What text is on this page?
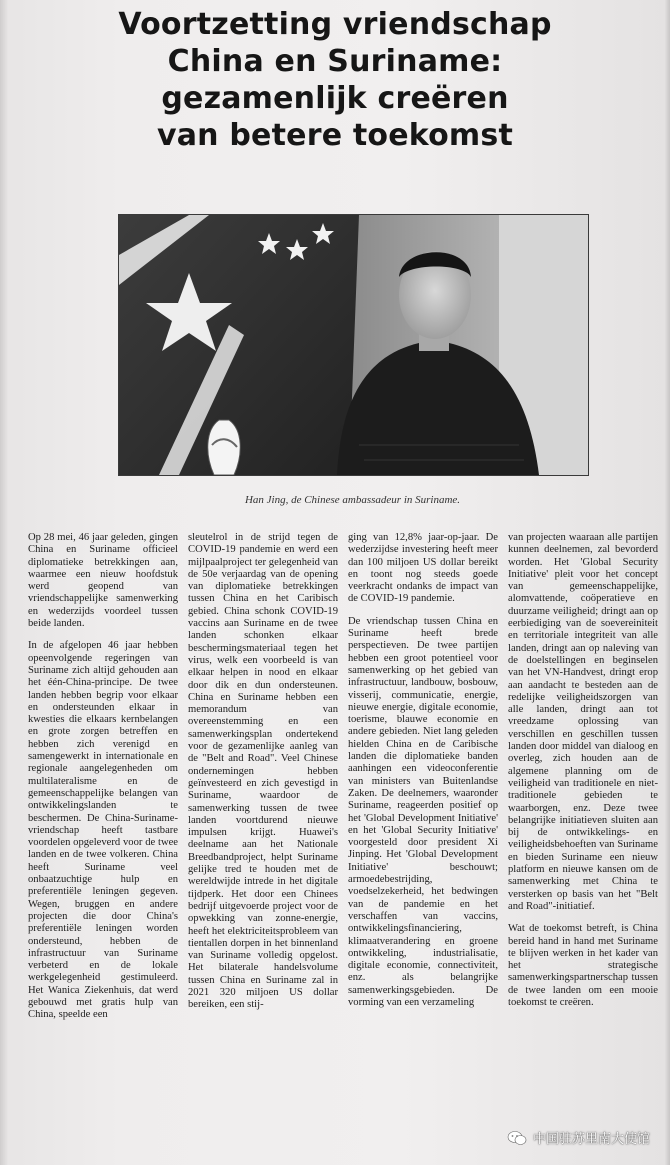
Voortzetting vriendschap
China en Suriname:
gezamenlijk creëren
van betere toekomst
Han Jing, de Chinese ambassadeur in Suriname.

Op 28 mei, 46 jaar geleden, gingen China en Suriname officieel diplomatieke betrekkingen aan, waarmee een nieuw hoofdstuk werd geopend van vriendschappelijke samenwerking en wederzijds voordeel tussen beide landen.

In de afgelopen 46 jaar hebben opeenvolgende regeringen van Suriname zich altijd gehouden aan het één-China-principe. De twee landen hebben begrip voor elkaar en ondersteunden elkaar in kwesties die elkaars kernbelangen en grote zorgen betreffen en hebben zich verenigd en samengewerkt in internationale en regionale aangelegenheden om multilateralisme en de gemeenschappelijke belangen van ontwikkelingslanden te beschermen. De China-Suriname-vriendschap heeft tastbare voordelen opgeleverd voor de twee landen en de twee volkeren. China heeft Suriname veel onbaatzuchtige hulp en preferentiële leningen gegeven. Wegen, bruggen en andere projecten die door China's preferentiële leningen worden ondersteund, hebben de infrastructuur van Suriname verbeterd en de lokale werkgelegenheid gestimuleerd. Het Wanica Ziekenhuis, dat werd gebouwd met gratis hulp van China, speelde een

sleutelrol in de strijd tegen de COVID-19 pandemie en werd een mijlpaalproject ter gelegenheid van de 50e verjaardag van de opening van diplomatieke betrekkingen tussen China en het Caribisch gebied. China schonk COVID-19 vaccins aan Suriname en de twee landen schonken elkaar beschermingsmateriaal tegen het virus, welk een voorbeeld is van elkaar helpen in nood en elkaar door dik en dun ondersteunen. China en Suriname hebben een memorandum van overeenstemming en een samenwerkingsplan ondertekend voor de gezamenlijke aanleg van de "Belt and Road". Veel Chinese ondernemingen hebben geïnvesteerd en zich gevestigd in Suriname, waardoor de samenwerking tussen de twee landen voortdurend nieuwe impulsen krijgt. Huawei's deelname aan het Nationale Breedbandproject, helpt Suriname gelijke tred te houden met de wereldwijde intrede in het digitale tijdperk. Het door een Chinees bedrijf uitgevoerde project voor de opwekking van zonne-energie, heeft het elektriciteitsprobleem van tientallen dorpen in het binnenland van Suriname volledig opgelost. Het bilaterale handelsvolume tussen China en Suriname zal in 2021 320 miljoen US dollar bereiken, een stij-

ging van 12,8% jaar-op-jaar. De wederzijdse investering heeft meer dan 100 miljoen US dollar bereikt en toont nog steeds goede veerkracht ondanks de impact van de COVID-19 pandemie.

De vriendschap tussen China en Suriname heeft brede perspectieven. De twee partijen hebben een groot potentieel voor samenwerking op het gebied van infrastructuur, landbouw, bosbouw, visserij, communicatie, energie, nieuwe energie, digitale economie, toerisme, blauwe economie en andere gebieden. Niet lang geleden hielden China en de Caribische landen die diplomatieke banden aanhingen een videoconferentie van ministers van Buitenlandse Zaken. De deelnemers, waaronder Suriname, reageerden positief op het 'Global Development Initiative' en het 'Global Security Initiative' voorgesteld door president Xi Jinping. Het 'Global Development Initiative' beschouwt; armoedebestrijding, voedselzekerheid, het bedwingen van de pandemie en het verschaffen van vaccins, ontwikkelingsfinanciering, klimaatverandering en groene ontwikkeling, industrialisatie, digitale economie, connectiviteit, enz. als belangrijke samenwerkingsgebieden. De vorming van een verzameling

van projecten waaraan alle partijen kunnen deelnemen, zal bevorderd worden. Het 'Global Security Initiative' pleit voor het concept van gemeenschappelijke, alomvattende, coöperatieve en duurzame veiligheid; dringt aan op eerbiediging van de soevereiniteit en territoriale integriteit van alle landen, dringt aan op naleving van de doelstellingen en beginselen van het VN-Handvest, dringt erop aan aandacht te besteden aan de redelijke veiligheidszorgen van alle landen, dringt aan tot vreedzame oplossing van verschillen en geschillen tussen landen door middel van dialoog en overleg, zich houden aan de algemene planning om de veiligheid van traditionele en niet-traditionele gebieden te waarborgen, enz. Deze twee belangrijke initiatieven sluiten aan bij de ontwikkelings- en veiligheidsbehoeften van Suriname en bieden Suriname een nieuw platform en nieuwe kansen om de samenwerking met China te versterken op basis van het "Belt and Road"-initiatief.

Wat de toekomst betreft, is China bereid hand in hand met Suriname te blijven werken in het kader van het strategische samenwerkingspartnerschap tussen de twee landen om een mooie toekomst te creëren.

中国驻苏里南大使馆
